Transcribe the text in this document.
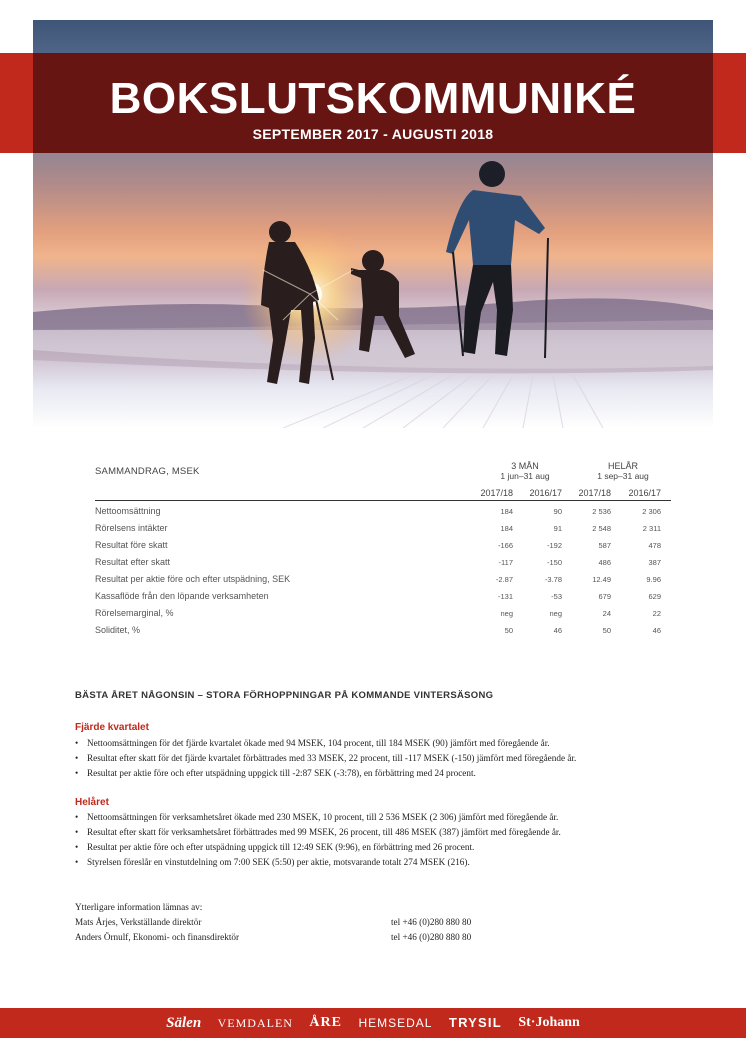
BOKSLUTSKOMMUNIKÉ
SEPTEMBER 2017 - AUGUSTI 2018
SAMMANDRAG, MSEK	3 MÅN
1 jun–31 aug
HELÅR
1 sep–31 aug
2017/18	2016/17	2017/18	2016/17
Nettoomsättning	184	90	2 536	2 306
Rörelsens intäkter	184	91	2 548	2 311
Resultat före skatt	-166	-192	587	478
Resultat efter skatt	-117	-150	486	387
Resultat per aktie före och efter utspädning, SEK	-2.87	-3.78	12.49	9.96
Kassaflöde från den löpande verksamheten	-131	-53	679	629
Rörelsemarginal, %	neg	neg	24	22
Soliditet, %	50	46	50	46
BÄSTA ÅRET NÅGONSIN – STORA FÖRHOPPNINGAR PÅ KOMMANDE VINTERSÄSONG
Fjärde kvartalet
• Nettoomsättningen för det fjärde kvartalet ökade med 94 MSEK, 104 procent, till 184 MSEK (90) jämfört med föregående år.
• Resultat efter skatt för det fjärde kvartalet förbättrades med 33 MSEK, 22 procent, till -117 MSEK (-150) jämfört med föregående år.
• Resultat per aktie före och efter utspädning uppgick till -2:87 SEK (-3:78), en förbättring med 24 procent.
Helåret
• Nettoomsättningen för verksamhetsåret ökade med 230 MSEK, 10 procent, till 2 536 MSEK (2 306) jämfört med föregående år.
• Resultat efter skatt för verksamhetsåret förbättrades med 99 MSEK, 26 procent, till 486 MSEK (387) jämfört med föregående år.
• Resultat per aktie före och efter utspädning uppgick till 12:49 SEK (9:96), en förbättring med 26 procent.
• Styrelsen föreslår en vinstutdelning om 7:00 SEK (5:50) per aktie, motsvarande totalt 274 MSEK (216).
Ytterligare information lämnas av:
Mats Årjes, Verkställande direktör	tel +46 (0)280 880 80
Anders Örnulf, Ekonomi- och finansdirektör	tel +46 (0)280 880 80
Sälen VEMDALEN ÅRE HEMSEDAL TRYSIL St·Johann
